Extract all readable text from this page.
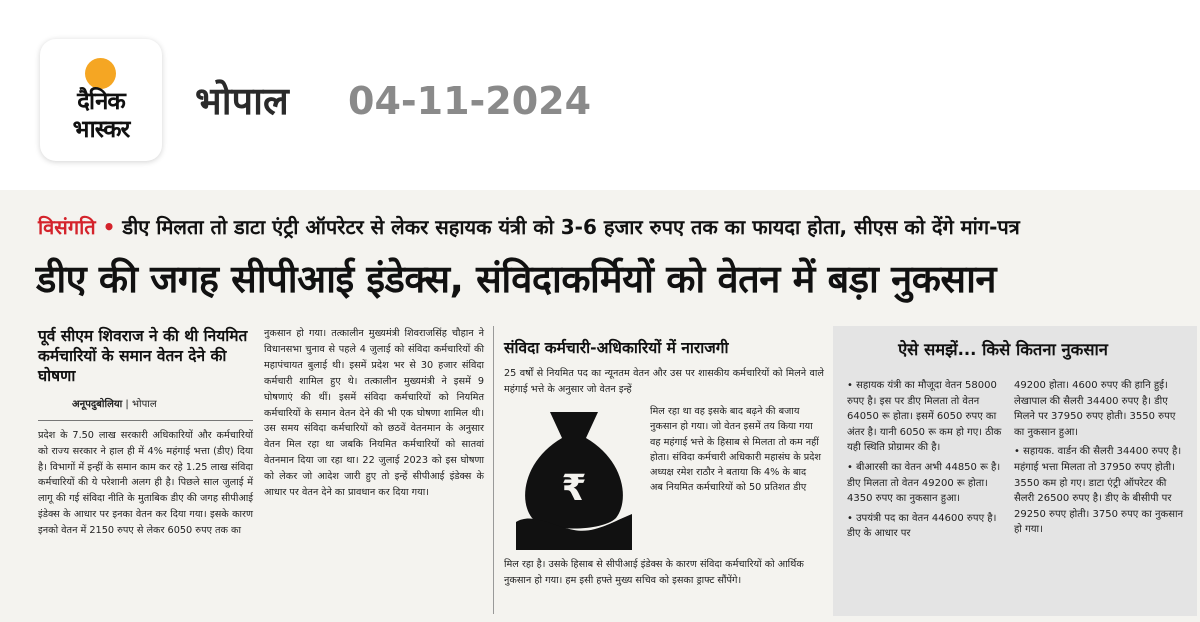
दैनिक
भास्कर
भोपाल 04-11-2024
विसंगति • डीए मिलता तो डाटा एंट्री ऑपरेटर से लेकर सहायक यंत्री को 3-6 हजार रुपए तक का फायदा होता, सीएस को देंगे मांग-पत्र
डीए की जगह सीपीआई इंडेक्स, संविदाकर्मियों को वेतन में बड़ा नुकसान
पूर्व सीएम शिवराज ने की थी नियमित कर्मचारियों के समान वेतन देने की घोषणा
अनूपदुबोलिया | भोपाल
प्रदेश के 7.50 लाख सरकारी अधिकारियों और कर्मचारियों को राज्य सरकार ने हाल ही में 4% महंगाई भत्ता (डीए) दिया है। विभागों में इन्हीं के समान काम कर रहे 1.25 लाख संविदा कर्मचारियों की ये परेशानी अलग ही है। पिछले साल जुलाई में लागू की गई संविदा नीति के मुताबिक डीए की जगह सीपीआई इंडेक्स के आधार पर इनका वेतन कर दिया गया। इसके कारण इनको वेतन में 2150 रुपए से लेकर 6050 रुपए तक का
नुकसान हो गया। तत्कालीन मुख्यमंत्री शिवराजसिंह चौहान ने विधानसभा चुनाव से पहले 4 जुलाई को संविदा कर्मचारियों की महापंचायत बुलाई थी। इसमें प्रदेश भर से 30 हजार संविदा कर्मचारी शामिल हुए थे। तत्कालीन मुख्यमंत्री ने इसमें 9 घोषणाएं की थीं। इसमें संविदा कर्मचारियों को नियमित कर्मचारियों के समान वेतन देने की भी एक घोषणा शामिल थी। उस समय संविदा कर्मचारियों को छठवें वेतनमान के अनुसार वेतन मिल रहा था जबकि नियमित कर्मचारियों को सातवां वेतनमान दिया जा रहा था। 22 जुलाई 2023 को इस घोषणा को लेकर जो आदेश जारी हुए तो इन्हें सीपीआई इंडेक्स के आधार पर वेतन देने का प्रावधान कर दिया गया।
संविदा कर्मचारी-अधिकारियों में नाराजगी
25 वर्षों से नियमित पद का न्यूनतम वेतन और उस पर शासकीय कर्मचारियों को मिलने वाले महंगाई भत्ते के अनुसार जो वेतन इन्हें
₹
मिल रहा था वह इसके बाद बढ़ने की बजाय नुकसान हो गया। जो वेतन इसमें तय किया गया वह महंगाई भत्ते के हिसाब से मिलता तो कम नहीं होता। संविदा कर्मचारी अधिकारी महासंघ के प्रदेश अध्यक्ष रमेश राठौर ने बताया कि 4% के बाद अब नियमित कर्मचारियों को 50 प्रतिशत डीए
मिल रहा है। उसके हिसाब से सीपीआई इंडेक्स के कारण संविदा कर्मचारियों को आर्थिक नुकसान हो गया। हम इसी हफ्ते मुख्य सचिव को इसका ड्राफ्ट सौंपेंगे।
ऐसे समझें... किसे कितना नुकसान

• सहायक यंत्री का मौजूदा वेतन 58000 रुपए है। इस पर डीए मिलता तो वेतन 64050 रू होता। इसमें 6050 रुपए का अंतर है। यानी 6050 रू कम हो गए। ठीक यही स्थिति प्रोग्रामर की है।

• बीआरसी का वेतन अभी 44850 रू है। डीए मिलता तो वेतन 49200 रू होता। 4350 रुपए का नुकसान हुआ।

• उपयंत्री पद का वेतन 44600 रुपए है। डीए के आधार पर

49200 होता। 4600 रुपए की हानि हुई। लेखापाल की सैलरी 34400 रुपए है। डीए मिलने पर 37950 रुपए होती। 3550 रुपए का नुकसान हुआ।

• सहायक. वार्डन की सैलरी 34400 रुपए है। महंगाई भत्ता मिलता तो 37950 रुपए होती। 3550 कम हो गए। डाटा एंट्री ऑपरेटर की सैलरी 26500 रुपए है। डीए के बीसीपी पर 29250 रुपए होती। 3750 रुपए का नुकसान हो गया।
